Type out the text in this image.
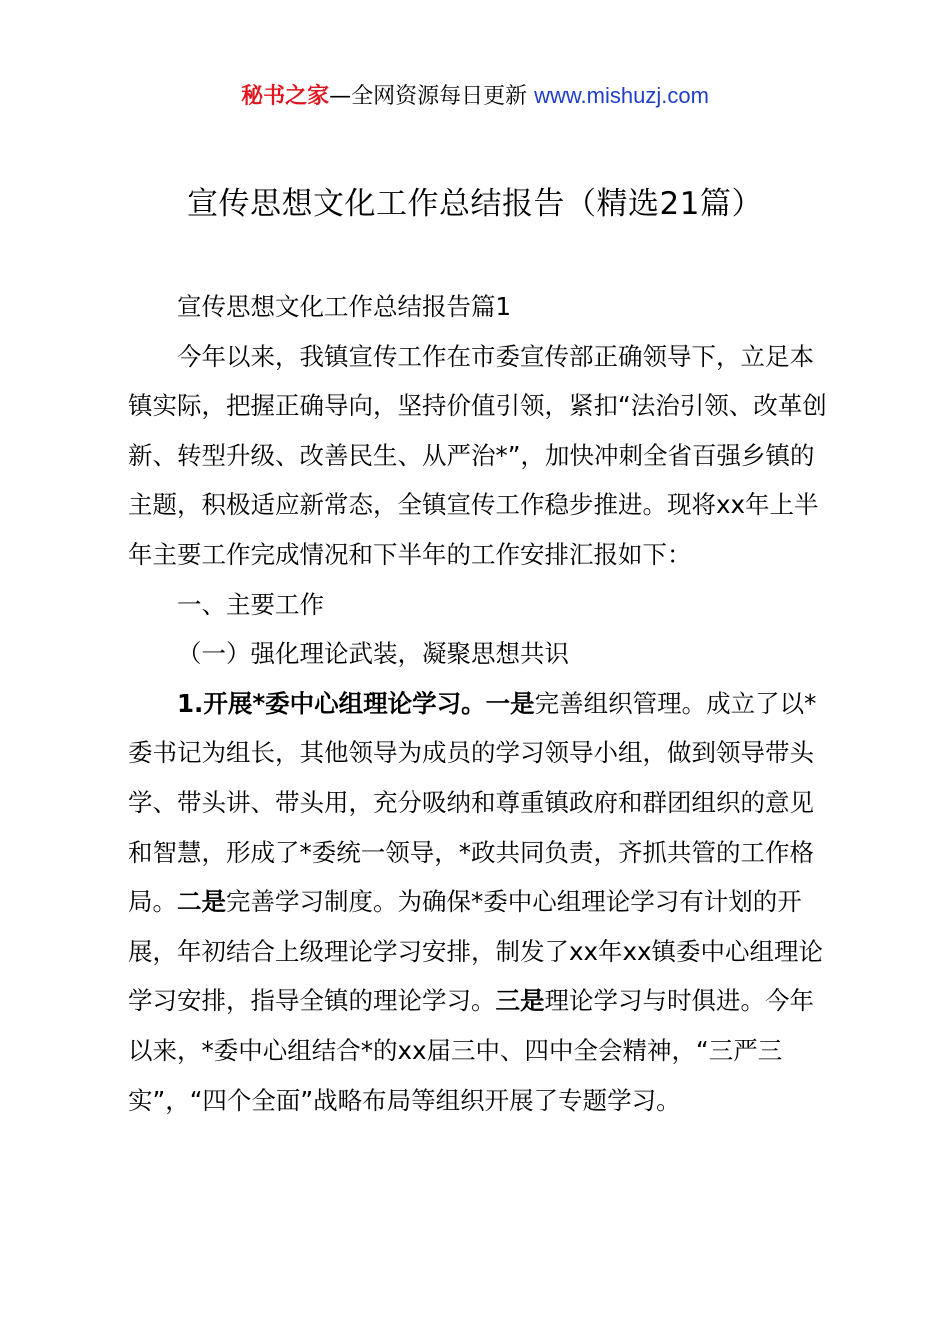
秘书之家—全网资源每日更新 www.mishuzj.com
宣传思想文化工作总结报告（精选21篇）

宣传思想文化工作总结报告篇1

今年以来，我镇宣传工作在市委宣传部正确领导下，立足本镇实际，把握正确导向，坚持价值引领，紧扣“法治引领、改革创新、转型升级、改善民生、从严治*”，加快冲刺全省百强乡镇的主题，积极适应新常态，全镇宣传工作稳步推进。现将xx年上半年主要工作完成情况和下半年的工作安排汇报如下：

一、主要工作

（一）强化理论武装，凝聚思想共识

1.开展*委中心组理论学习。一是完善组织管理。成立了以*委书记为组长，其他领导为成员的学习领导小组，做到领导带头学、带头讲、带头用，充分吸纳和尊重镇政府和群团组织的意见和智慧，形成了*委统一领导，*政共同负责，齐抓共管的工作格局。二是完善学习制度。为确保*委中心组理论学习有计划的开展，年初结合上级理论学习安排，制发了xx年xx镇委中心组理论学习安排，指导全镇的理论学习。三是理论学习与时俱进。今年以来，*委中心组结合*的xx届三中、四中全会精神，“三严三实”，“四个全面”战略布局等组织开展了专题学习。
